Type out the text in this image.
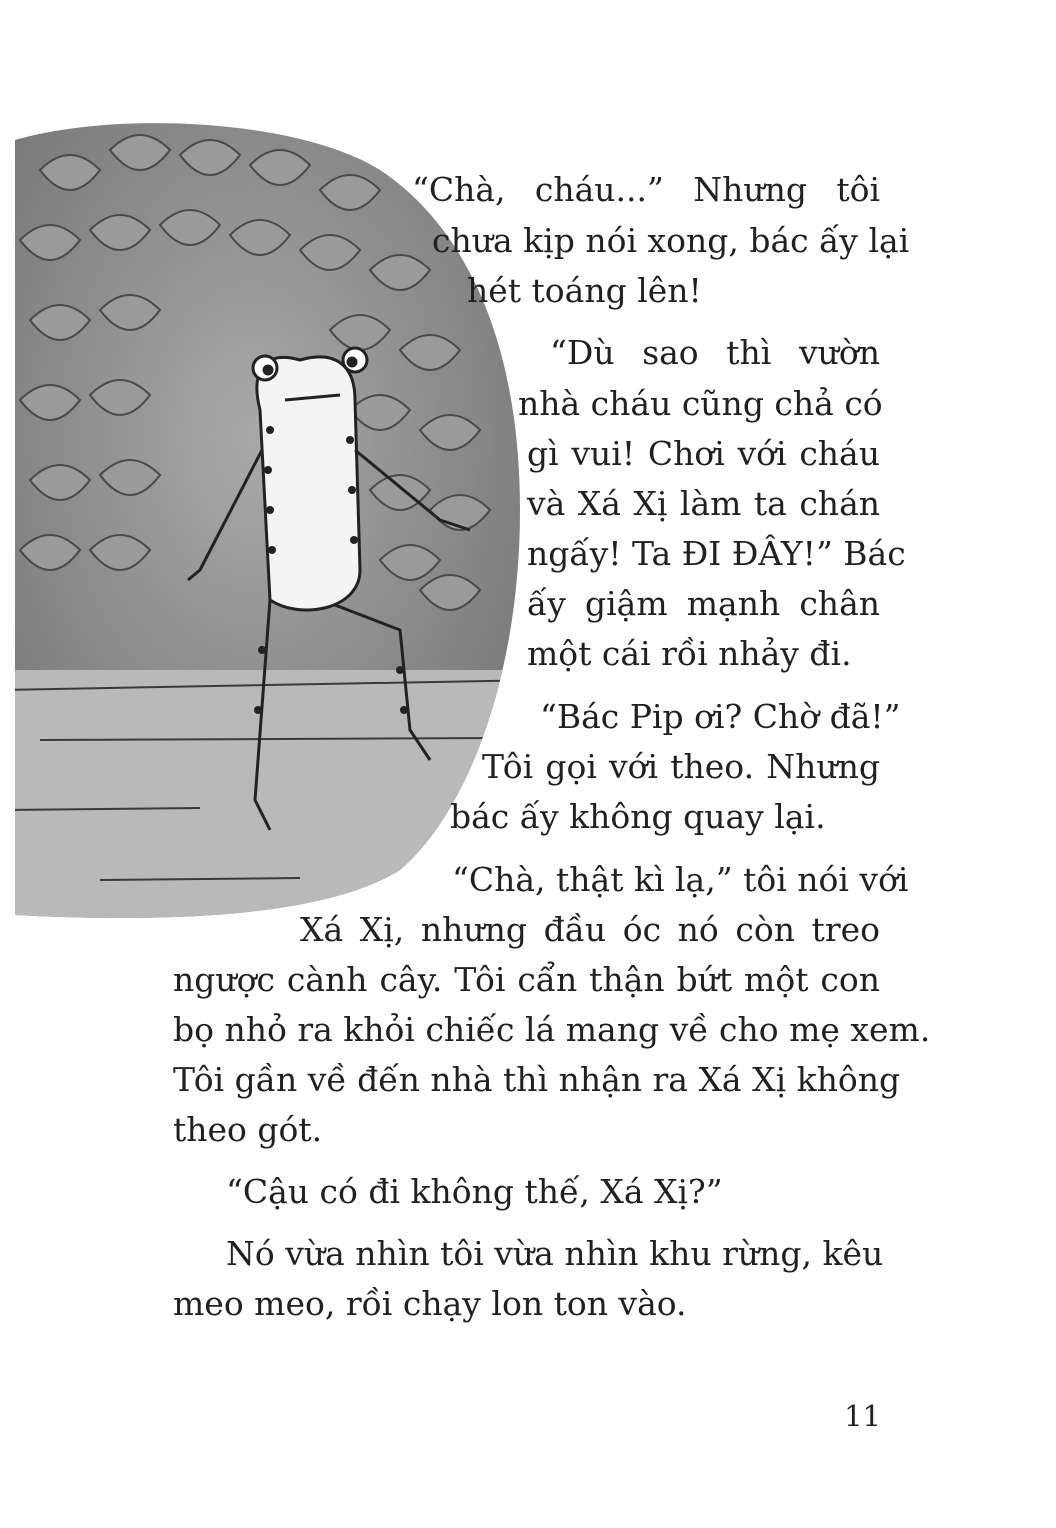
“Chà, cháu...” Nhưng tôi
chưa kịp nói xong, bác ấy lại
hét toáng lên!
“Dù sao thì vườn
nhà cháu cũng chả có
gì vui! Chơi với cháu
và Xá Xị làm ta chán
ngấy! Ta ĐI ĐÂY!” Bác
ấy giậm mạnh chân
một cái rồi nhảy đi.
“Bác Pip ơi? Chờ đã!”
Tôi gọi với theo. Nhưng
bác ấy không quay lại.
“Chà, thật kì lạ,” tôi nói với
Xá Xị, nhưng đầu óc nó còn treo
ngược cành cây. Tôi cẩn thận bứt một con
bọ nhỏ ra khỏi chiếc lá mang về cho mẹ xem.
Tôi gần về đến nhà thì nhận ra Xá Xị không
theo gót.
“Cậu có đi không thế, Xá Xị?”
Nó vừa nhìn tôi vừa nhìn khu rừng, kêu
meo meo, rồi chạy lon ton vào.
11
